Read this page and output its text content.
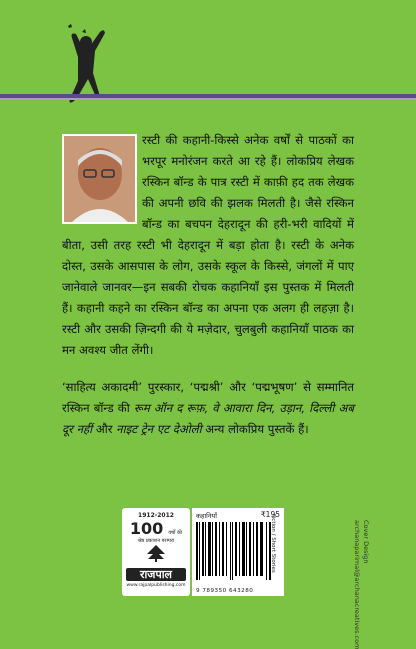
रस्टी की कहानी-किस्से अनेक वर्षों से पाठकों का भरपूर मनोरंजन करते आ रहे हैं। लोकप्रिय लेखक रस्किन बॉन्ड के पात्र रस्टी में काफ़ी हद तक लेखक की अपनी छवि की झलक मिलती है। जैसे रस्किन बॉन्ड का बचपन देहरादून की हरी-भरी वादियों में बीता, उसी तरह रस्टी भी देहरादून में बड़ा होता है। रस्टी के अनेक दोस्त, उसके आसपास के लोग, उसके स्कूल के किस्से, जंगलों में पाए जानेवाले जानवर—इन सबकी रोचक कहानियाँ इस पुस्तक में मिलती हैं। कहानी कहने का रस्किन बॉन्ड का अपना एक अलग ही लहज़ा है। रस्टी और उसकी ज़िन्दगी की ये मज़ेदार, चुलबुली कहानियाँ पाठक का मन अवश्य जीत लेंगी।

‘साहित्य अकादमी’ पुरस्कार, ‘पद्मश्री’ और ‘पद्मभूषण’ से सम्मानित रस्किन बॉन्ड की रूम ऑन द रूफ़, वे आवारा दिन, उड़ान, दिल्ली अब दूर नहीं और नाइट ट्रेन एट देओली अन्य लोकप्रिय पुस्तकें हैं।

Cover Design
archanaparimal@archanacreatives.com
1912-2012
100 वर्षों की
श्रेष्ठ प्रकाशन परम्परा
राजपाल
www.rajpalpublishing.com
कहानियाँ	₹195
9 789350 643280
Fiction / Short Stories
